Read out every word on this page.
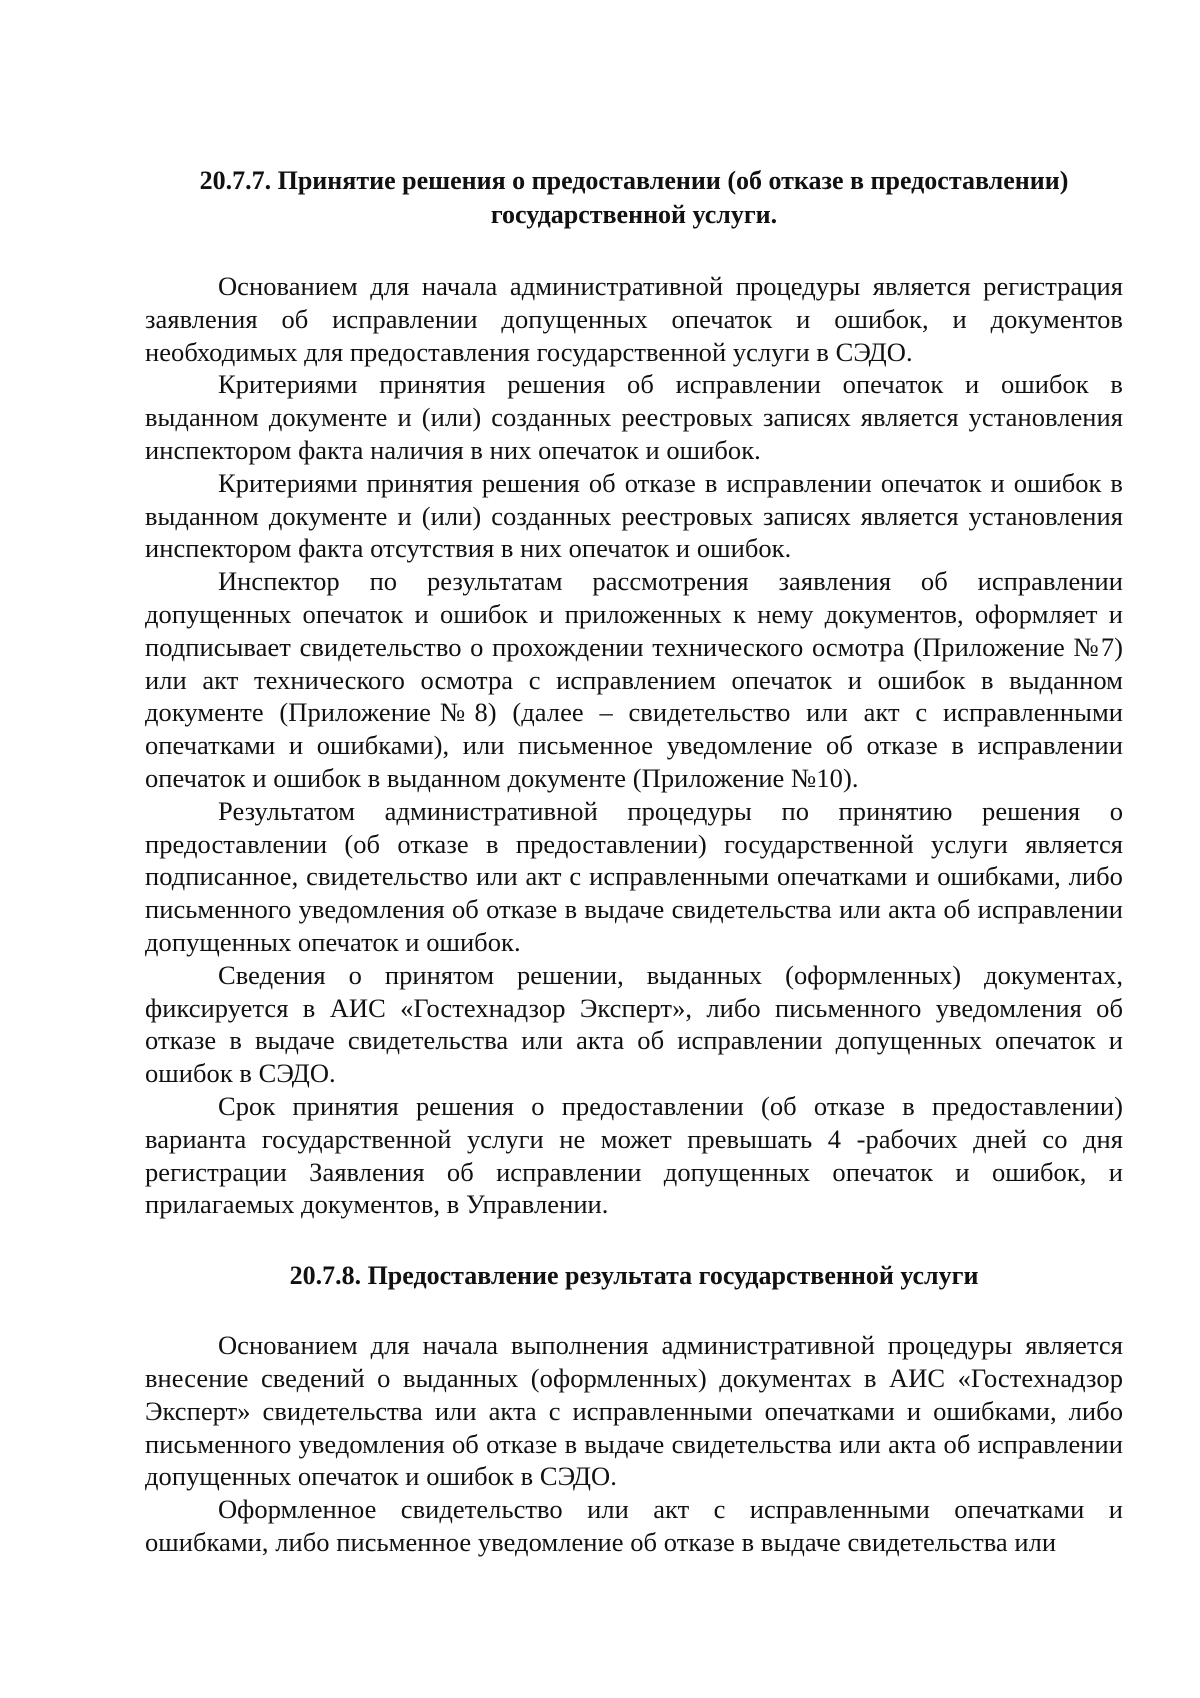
20.7.7. Принятие решения о предоставлении (об отказе в предоставлении) государственной услуги.

Основанием для начала административной процедуры является регистрация заявления об исправлении допущенных опечаток и ошибок, и документов необходимых для предоставления государственной услуги в СЭДО.

Критериями принятия решения об исправлении опечаток и ошибок в выданном документе и (или) созданных реестровых записях является установления инспектором факта наличия в них опечаток и ошибок.

Критериями принятия решения об отказе в исправлении опечаток и ошибок в выданном документе и (или) созданных реестровых записях является установления инспектором факта отсутствия в них опечаток и ошибок.

Инспектор по результатам рассмотрения заявления об исправлении допущенных опечаток и ошибок и приложенных к нему документов, оформляет и подписывает свидетельство о прохождении технического осмотра (Приложение №7) или акт технического осмотра с исправлением опечаток и ошибок в выданном документе (Приложение№8) (далее – свидетельство или акт с исправленными опечатками и ошибками), или письменное уведомление об отказе в исправлении опечаток и ошибок в выданном документе (Приложение №10).

Результатом административной процедуры по принятию решения о предоставлении (об отказе в предоставлении) государственной услуги является подписанное, свидетельство или акт с исправленными опечатками и ошибками, либо письменного уведомления об отказе в выдаче свидетельства или акта об исправлении допущенных опечаток и ошибок.

Сведения о принятом решении, выданных (оформленных) документах, фиксируется в АИС «Гостехнадзор Эксперт», либо письменного уведомления об отказе в выдаче свидетельства или акта об исправлении допущенных опечаток и ошибок в СЭДО.

Срок принятия решения о предоставлении (об отказе в предоставлении) варианта государственной услуги не может превышать 4 -рабочих дней со дня регистрации Заявления об исправлении допущенных опечаток и ошибок, и прилагаемых документов, в Управлении.

20.7.8. Предоставление результата государственной услуги

Основанием для начала выполнения административной процедуры является внесение сведений о выданных (оформленных) документах в АИС «Гостехнадзор Эксперт» свидетельства или акта с исправленными опечатками и ошибками, либо письменного уведомления об отказе в выдаче свидетельства или акта об исправлении допущенных опечаток и ошибок в СЭДО.

Оформленное свидетельство или акт с исправленными опечатками и ошибками, либо письменное уведомление об отказе в выдаче свидетельства или
